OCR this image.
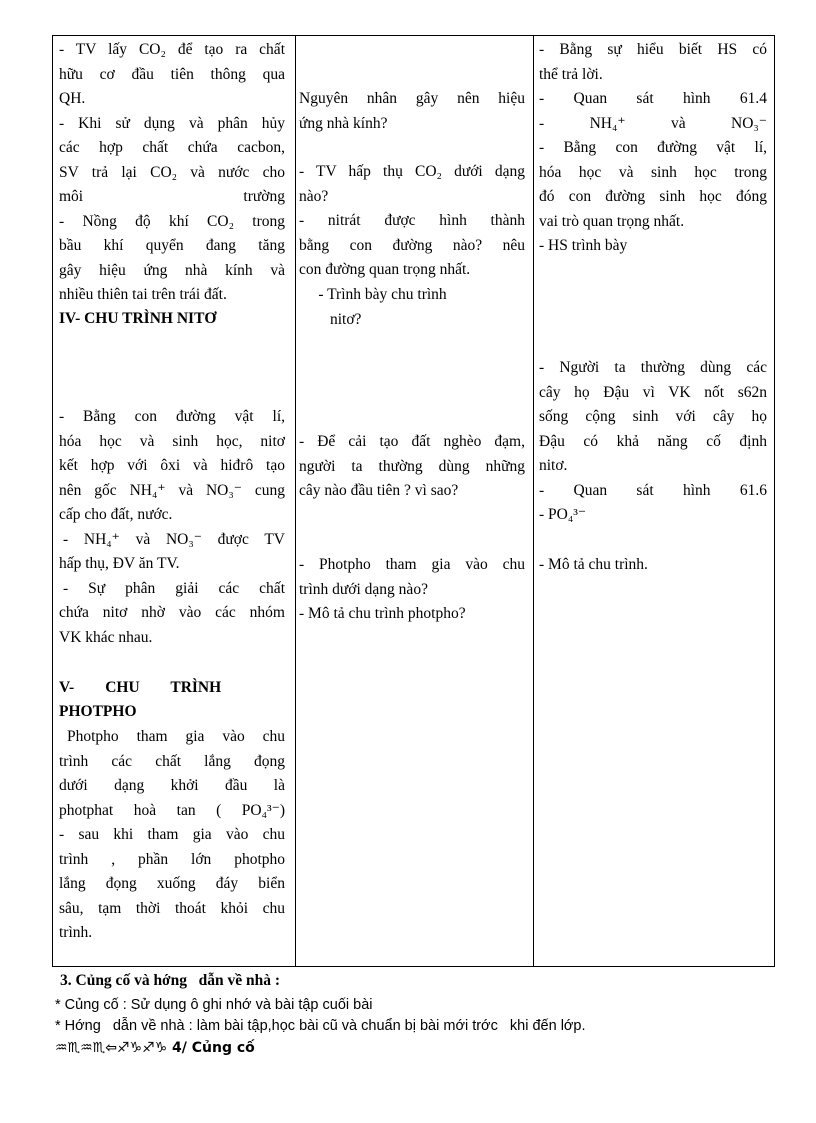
- TV lấy CO₂ để tạo ra chất
hữu cơ đầu tiên thông qua
QH.
- Khi sử dụng và phân hủy
các hợp chất chứa cacbon,
SV trả lại CO₂ và nước cho
môi trường
- Nồng độ khí CO₂ trong
bầu khí quyển đang tăng
gây hiệu ứng nhà kính và
nhiều thiên tai trên trái đất.
IV- CHU TRÌNH NITƠ
- Bằng con đường vật lí,
hóa học và sinh học, nitơ
kết hợp với ôxi và hiđrô tạo
nên gốc NH₄⁺ và NO₃⁻ cung
cấp cho đất, nước.
- NH₄⁺ và NO₃⁻ được TV
hấp thụ, ĐV ăn TV.
- Sự phân giải các chất
chứa nitơ nhờ vào các nhóm
VK khác nhau.
V-        CHU        TRÌNH
PHOTPHO
Photpho tham gia vào chu
trình các chất lắng đọng
dưới dạng khởi đầu là
photphat hoà tan ( PO₄³⁻)
- sau khi tham gia vào chu
trình , phần lớn photpho
lắng đọng xuống đáy biển
sâu, tạm thời thoát khỏi chu
trình.
Nguyên nhân gây nên hiệu
ứng nhà kính?
- TV hấp thụ CO₂ dưới dạng
nào?
- nitrát được hình thành
bằng con đường nào? nêu
con đường quan trọng nhất.
- Trình bày chu trình
nitơ?
- Để cải tạo đất nghèo đạm,
người ta thường dùng những
cây nào đầu tiên ? vì sao?
- Photpho tham gia vào chu
trình dưới dạng nào?
- Mô tả chu trình photpho?
- Bằng sự hiểu biết HS có
thể trả lời.
- Quan sát hình 61.4
- NH₄⁺ và NO₃⁻
- Bằng con đường vật lí,
hóa học và sinh học trong
đó con đường sinh học đóng
vai trò quan trọng nhất.
- HS trình bày
- Người ta thường dùng các
cây họ Đậu vì VK nốt s62n
sống cộng sinh với cây họ
Đậu có khả năng cố định
nitơ.
- Quan sát hình 61.6
- PO₄³⁻
- Mô tả chu trình.
3. Củng cố và hớng   dẫn về nhà :
* Củng cố : Sử dụng ô ghi nhớ và bài tập cuối bài
* Hớng   dẫn về nhà : làm bài tập,học bài cũ và chuẩn bị bài mới trớc   khi đến lớp.
♒♏♒♏⇦♐♑♐♑ 4/ Củng cố
